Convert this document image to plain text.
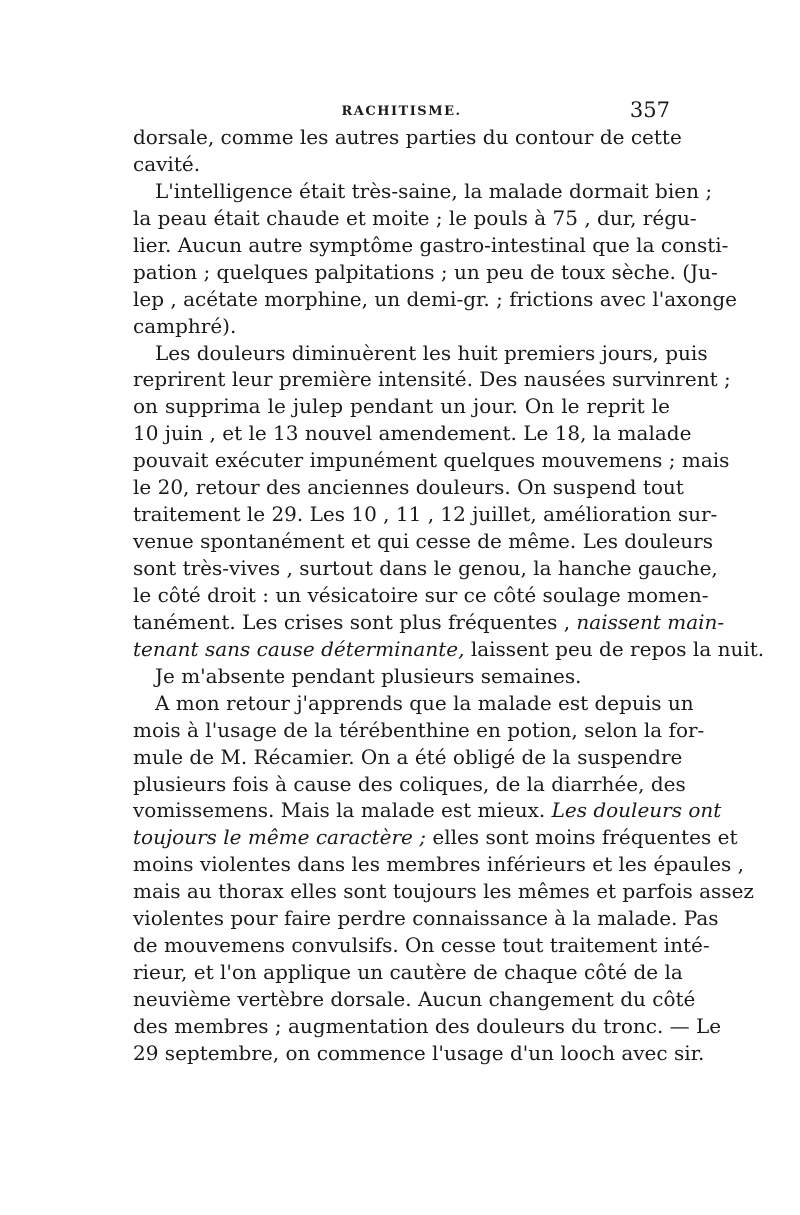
RACHITISME.	357
dorsale, comme les autres parties du contour de cette
cavité.
L'intelligence était très-saine, la malade dormait bien ;
la peau était chaude et moite ; le pouls à 75 , dur, régu-
lier. Aucun autre symptôme gastro-intestinal que la consti-
pation ; quelques palpitations ; un peu de toux sèche. (Ju-
lep , acétate morphine, un demi-gr. ; frictions avec l'axonge
camphré).
Les douleurs diminuèrent les huit premiers jours, puis
reprirent leur première intensité. Des nausées survinrent ;
on supprima le julep pendant un jour. On le reprit le
10 juin , et le 13 nouvel amendement. Le 18, la malade
pouvait exécuter impunément quelques mouvemens ; mais
le 20, retour des anciennes douleurs. On suspend tout
traitement le 29. Les 10 , 11 , 12 juillet, amélioration sur-
venue spontanément et qui cesse de même. Les douleurs
sont très-vives , surtout dans le genou, la hanche gauche,
le côté droit : un vésicatoire sur ce côté soulage momen-
tanément. Les crises sont plus fréquentes , naissent main-
tenant sans cause déterminante, laissent peu de repos la nuit.
Je m'absente pendant plusieurs semaines.
A mon retour j'apprends que la malade est depuis un
mois à l'usage de la térébenthine en potion, selon la for-
mule de M. Récamier. On a été obligé de la suspendre
plusieurs fois à cause des coliques, de la diarrhée, des
vomissemens. Mais la malade est mieux. Les douleurs ont
toujours le même caractère ; elles sont moins fréquentes et
moins violentes dans les membres inférieurs et les épaules ,
mais au thorax elles sont toujours les mêmes et parfois assez
violentes pour faire perdre connaissance à la malade. Pas
de mouvemens convulsifs. On cesse tout traitement inté-
rieur, et l'on applique un cautère de chaque côté de la
neuvième vertèbre dorsale. Aucun changement du côté
des membres ; augmentation des douleurs du tronc. — Le
29 septembre, on commence l'usage d'un looch avec sir.
